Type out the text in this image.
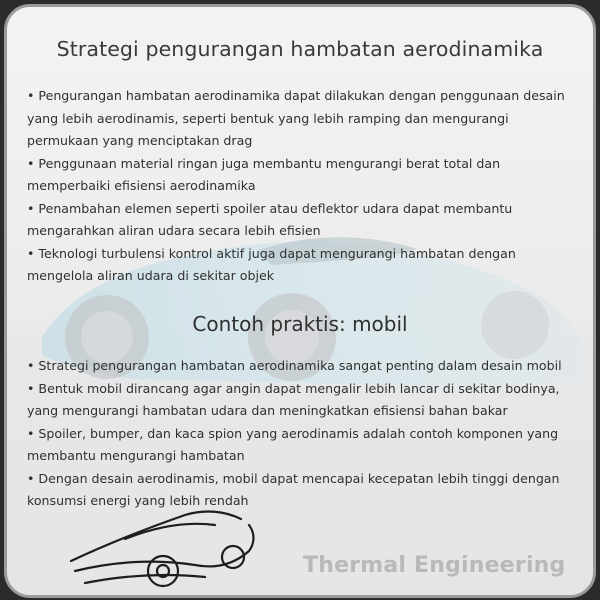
Strategi pengurangan hambatan aerodinamika
• Pengurangan hambatan aerodinamika dapat dilakukan dengan penggunaan desain yang lebih aerodinamis, seperti bentuk yang lebih ramping dan mengurangi permukaan yang menciptakan drag
• Penggunaan material ringan juga membantu mengurangi berat total dan memperbaiki efisiensi aerodinamika
• Penambahan elemen seperti spoiler atau deflektor udara dapat membantu mengarahkan aliran udara secara lebih efisien
• Teknologi turbulensi kontrol aktif juga dapat mengurangi hambatan dengan mengelola aliran udara di sekitar objek
Contoh praktis: mobil
• Strategi pengurangan hambatan aerodinamika sangat penting dalam desain mobil
• Bentuk mobil dirancang agar angin dapat mengalir lebih lancar di sekitar bodinya, yang mengurangi hambatan udara dan meningkatkan efisiensi bahan bakar
• Spoiler, bumper, dan kaca spion yang aerodinamis adalah contoh komponen yang membantu mengurangi hambatan
• Dengan desain aerodinamis, mobil dapat mencapai kecepatan lebih tinggi dengan konsumsi energi yang lebih rendah
Thermal Engineering
